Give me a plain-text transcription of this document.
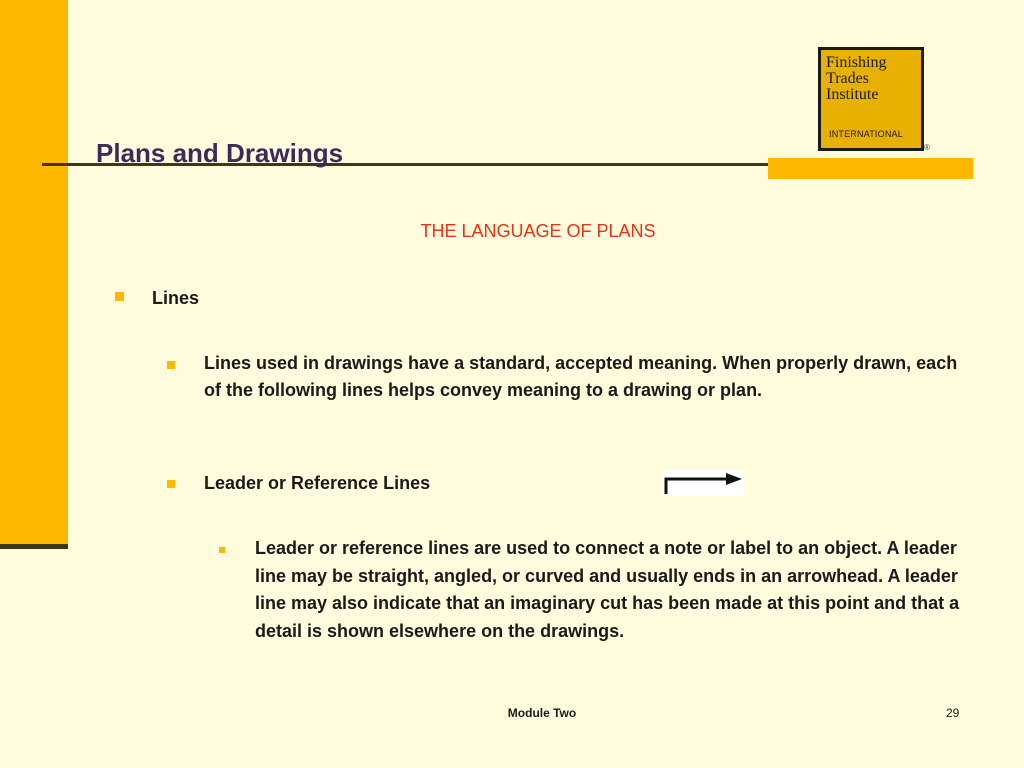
Finishing
Trades
Institute
INTERNATIONAL
®
Plans and Drawings
THE LANGUAGE OF PLANS
Lines
Lines used in drawings have a standard, accepted meaning. When properly drawn, each of the following lines helps convey meaning to a drawing or plan.
Leader or Reference Lines
Leader or reference lines are used to connect a note or label to an object. A leader line may be straight, angled, or curved and usually ends in an arrowhead. A leader line may also indicate that an imaginary cut has been made at this point and that a detail is shown elsewhere on the drawings.
Module Two	29
